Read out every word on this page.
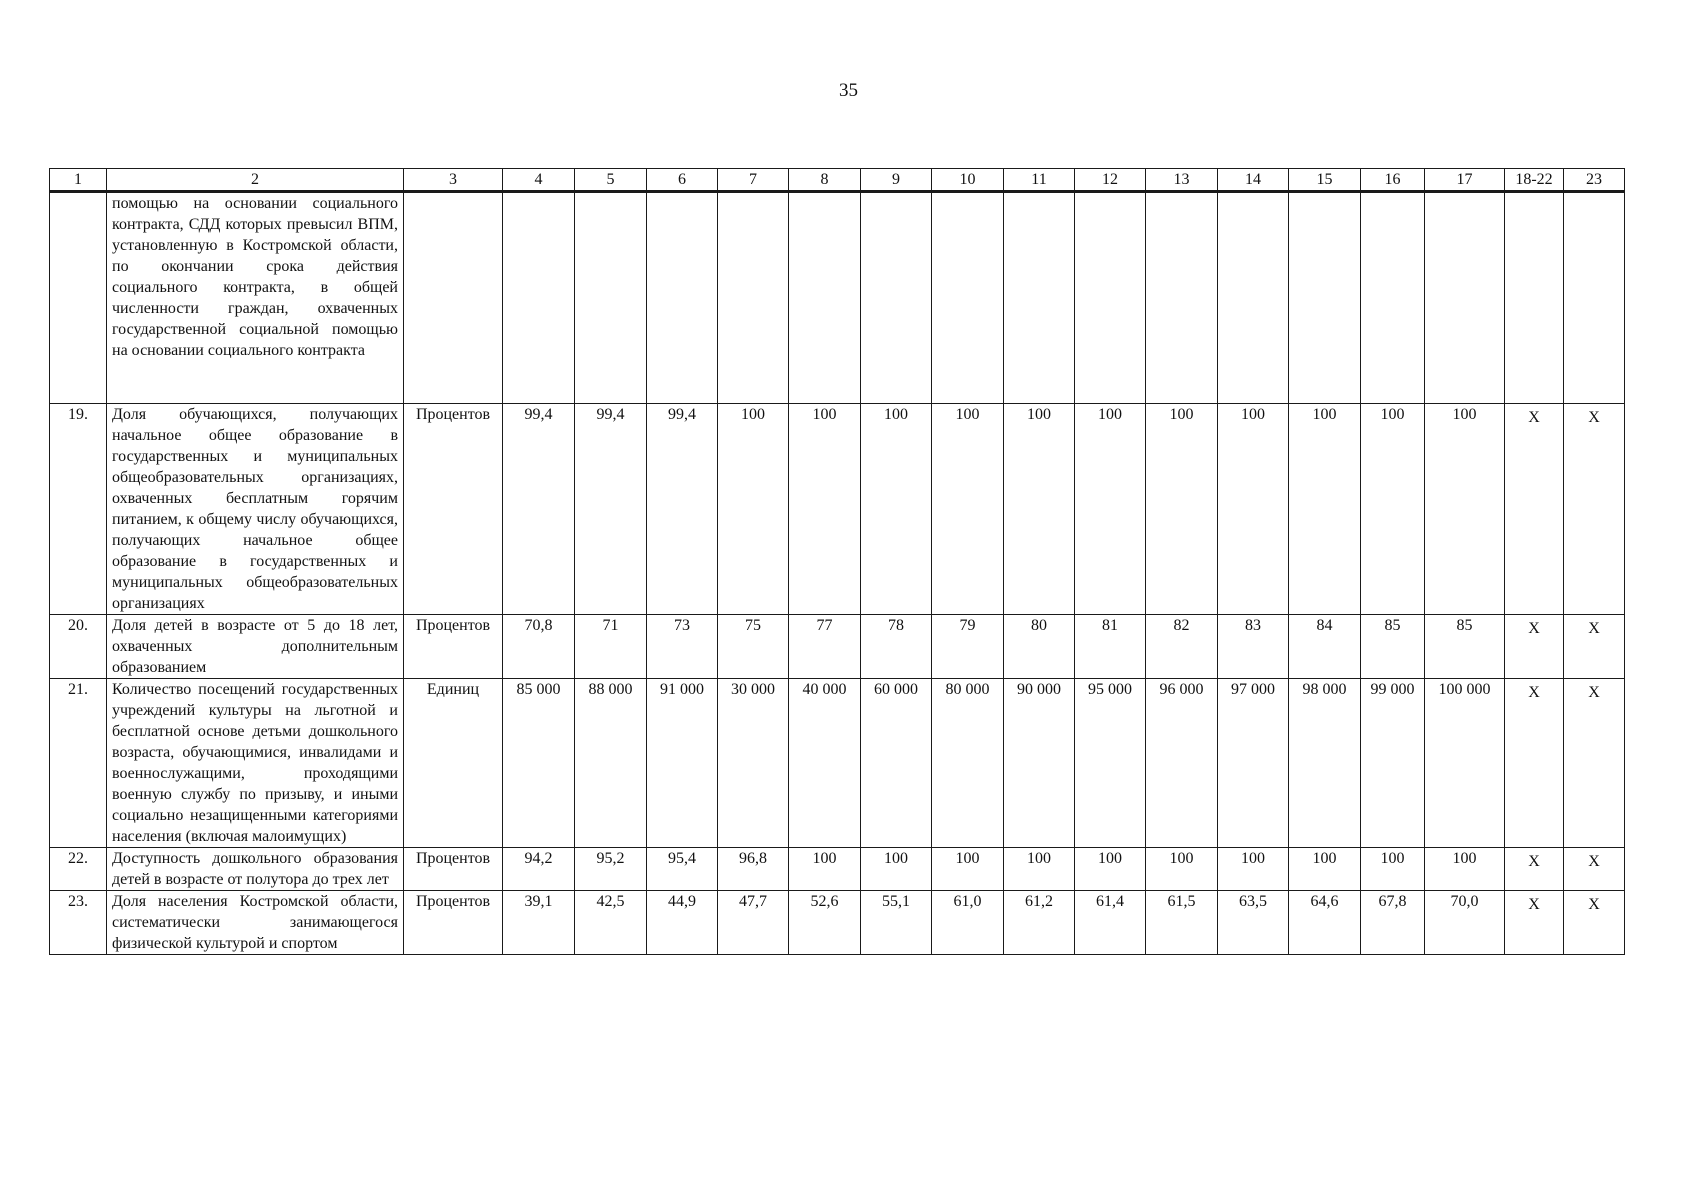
35
1	2	3	4	5	6	7	8	9	10	11	12	13	14	15	16	17	18-22	23
	помощью на основании социального контракта, СДД которых превысил ВПМ, установленную в Костромской области, по окончании срока действия социального контракта, в общей численности граждан, охваченных государственной социальной помощью на основании социального контракта																	
19.	Доля обучающихся, получающих начальное общее образование в государственных и муниципальных общеобразовательных организациях, охваченных бесплатным горячим питанием, к общему числу обучающихся, получающих начальное общее образование в государственных и муниципальных общеобразовательных организациях	Процентов	99,4	99,4	99,4	100	100	100	100	100	100	100	100	100	100	100	Х	Х
20.	Доля детей в возрасте от 5 до 18 лет, охваченных дополнительным образованием	Процентов	70,8	71	73	75	77	78	79	80	81	82	83	84	85	85	Х	Х
21.	Количество посещений государственных учреждений культуры на льготной и бесплатной основе детьми дошкольного возраста, обучающимися, инвалидами и военнослужащими, проходящими военную службу по призыву, и иными социально незащищенными категориями населения (включая малоимущих)	Единиц	85 000	88 000	91 000	30 000	40 000	60 000	80 000	90 000	95 000	96 000	97 000	98 000	99 000	100 000	Х	Х
22.	Доступность дошкольного образования детей в возрасте от полутора до трех лет	Процентов	94,2	95,2	95,4	96,8	100	100	100	100	100	100	100	100	100	100	Х	Х
23.	Доля населения Костромской области, систематически занимающегося физической культурой и спортом	Процентов	39,1	42,5	44,9	47,7	52,6	55,1	61,0	61,2	61,4	61,5	63,5	64,6	67,8	70,0	Х	Х
